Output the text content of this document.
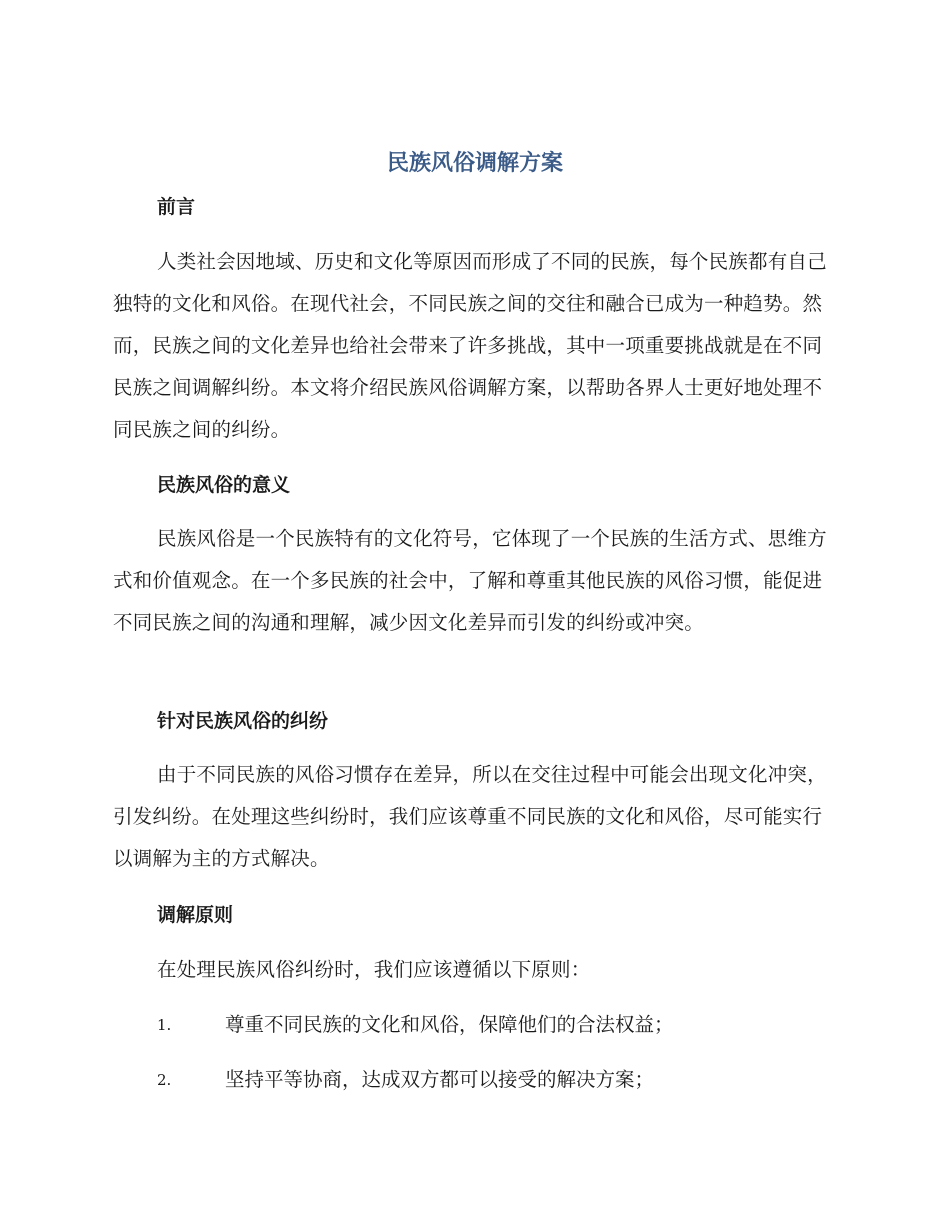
民族风俗调解方案
前言

人类社会因地域、历史和文化等原因而形成了不同的民族，每个民族都有自己独特的文化和风俗。在现代社会，不同民族之间的交往和融合已成为一种趋势。然而，民族之间的文化差异也给社会带来了许多挑战，其中一项重要挑战就是在不同民族之间调解纠纷。本文将介绍民族风俗调解方案，以帮助各界人士更好地处理不同民族之间的纠纷。

民族风俗的意义

民族风俗是一个民族特有的文化符号，它体现了一个民族的生活方式、思维方式和价值观念。在一个多民族的社会中，了解和尊重其他民族的风俗习惯，能促进不同民族之间的沟通和理解，减少因文化差异而引发的纠纷或冲突。

针对民族风俗的纠纷

由于不同民族的风俗习惯存在差异，所以在交往过程中可能会出现文化冲突，引发纠纷。在处理这些纠纷时，我们应该尊重不同民族的文化和风俗，尽可能实行以调解为主的方式解决。

调解原则

在处理民族风俗纠纷时，我们应该遵循以下原则：

1.	尊重不同民族的文化和风俗，保障他们的合法权益；
2.	坚持平等协商，达成双方都可以接受的解决方案；
